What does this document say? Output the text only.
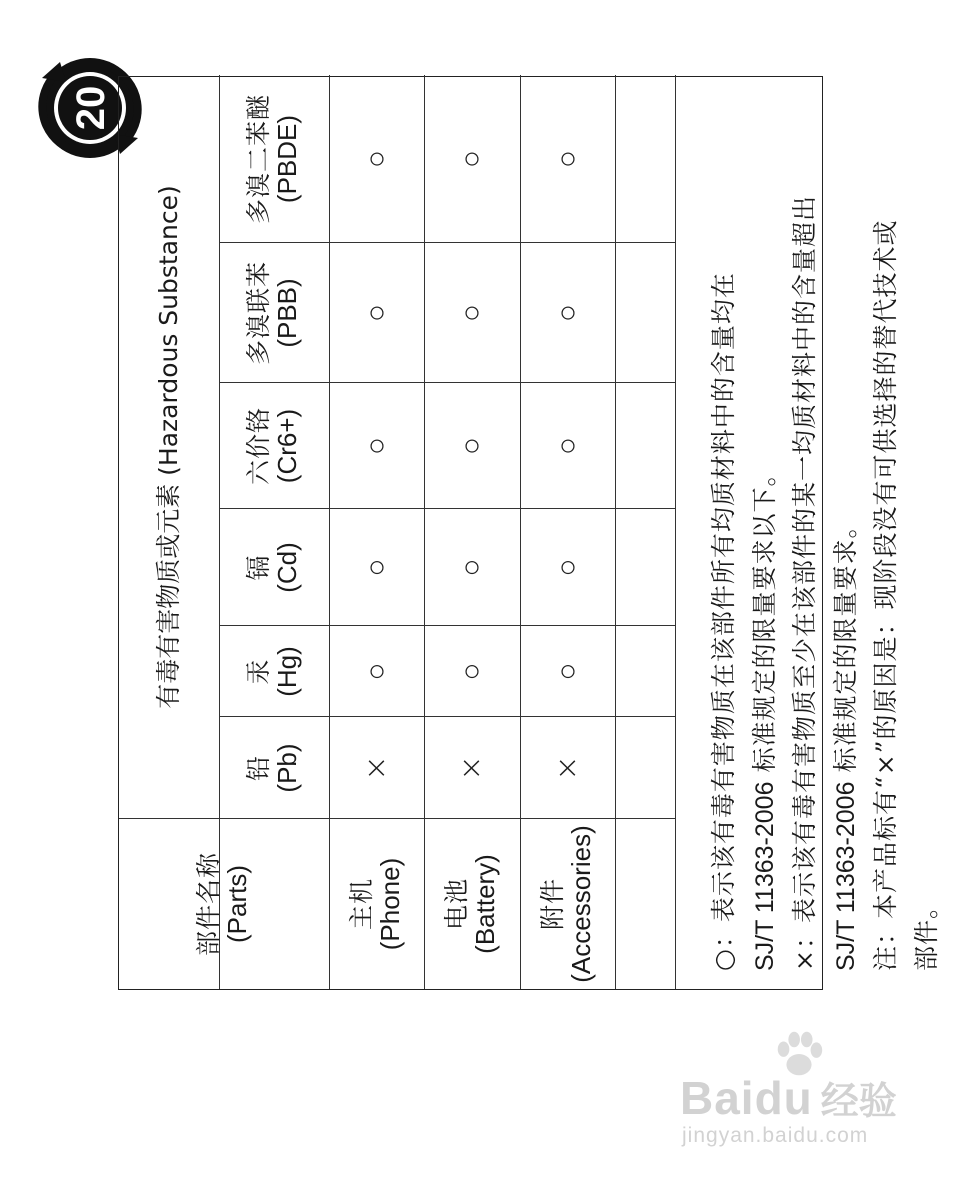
20
部件名称 (Parts)
有毒有害物质或元素 (Hazardous Substance)
铅 (Pb)
汞 (Hg)
镉 (Cd)
六价铬 (Cr6+)
多溴联苯 (PBB)
多溴二苯醚 (PBDE)
主机 (Phone)
×
○
○
○
○
○
电池 (Battery)
×
○
○
○
○
○
附件 (Accessories)
×
○
○
○
○
○
○：表示该有毒有害物质在该部件所有均质材料中的含量均在 SJ/T 11363-2006 标准规定的限量要求以下。 ×：表示该有毒有害物质至少在该部件的某一均质材料中的含量超出 SJ/T 11363-2006 标准规定的限量要求。 注：本产品标有“×”的原因是：现阶段没有可供选择的替代技术或 部件。
Baidu 经验
jingyan.baidu.com
